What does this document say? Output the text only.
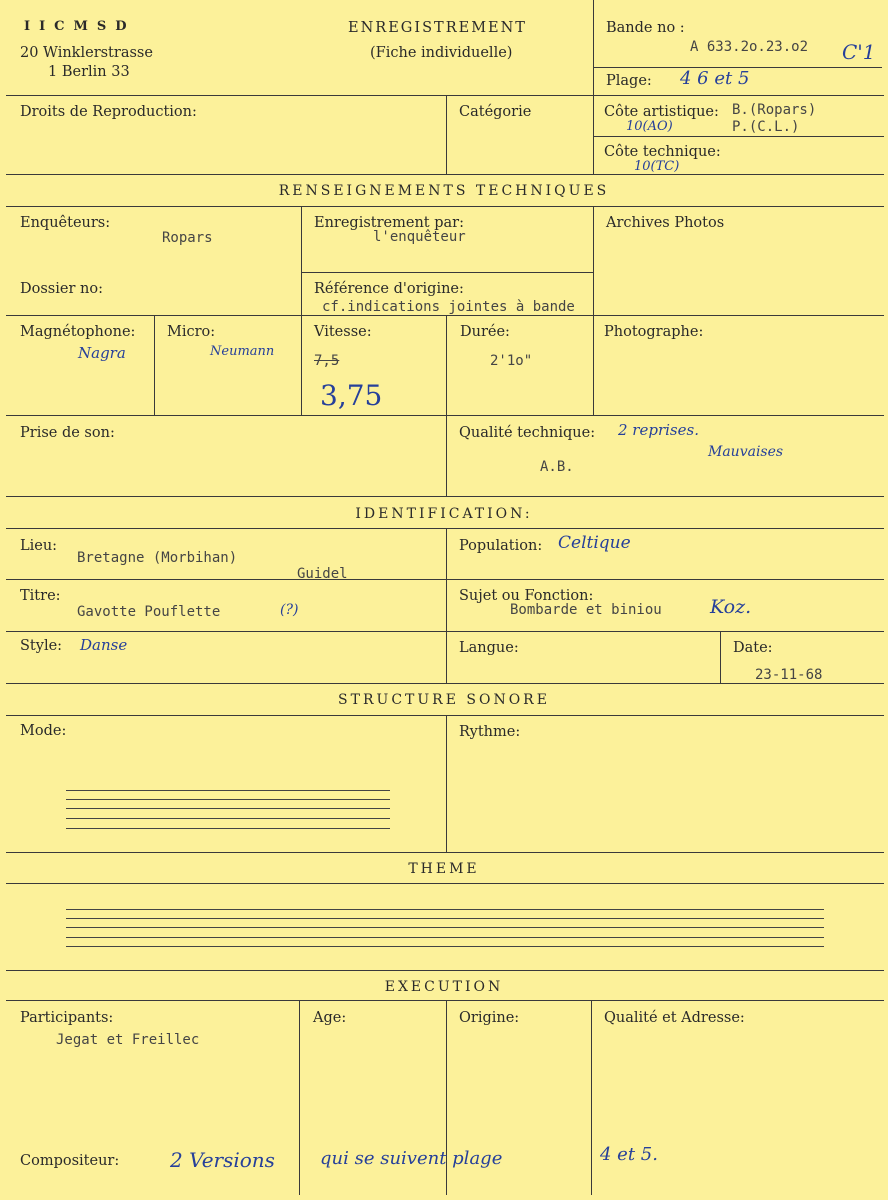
IICMSD
20 Winklerstrasse
1 Berlin 33
ENREGISTREMENT
(Fiche individuelle)
Bande no :
A 633.2o.23.o2 C'1
Plage: 4 6 et 5
Droits de Reproduction:	Catégorie	Côte artistique: B.(Ropars)
P.(C.L.)
10(AO)
Côte technique:
10(TC)
RENSEIGNEMENTS TECHNIQUES
Enquêteurs:
Ropars
Enregistrement par:
l'enquêteur
Archives Photos
Dossier no:	Référence d'origine:
cf.indications jointes à bande
Magnétophone:
Nagra
Micro:
Neumann
Vitesse:
7,5
3,75
Durée:
2'1o"
Photographe:
Prise de son:	Qualité technique: 2 reprises.
Mauvaises
A.B.
IDENTIFICATION:
Lieu:
Bretagne (Morbihan)
Guidel
Population: Celtique
Titre:
Gavotte Pouflette	(?)
Sujet ou Fonction:
Bombarde et biniou	Koz.
Style: Danse	Langue:	Date:
23-11-68
STRUCTURE SONORE
Mode:	Rythme:
THEME
EXECUTION
Participants:
Jegat et Freillec
Age:	Origine:	Qualité et Adresse:
Compositeur:	2 Versions	qui se suivent plage	4 et 5.
